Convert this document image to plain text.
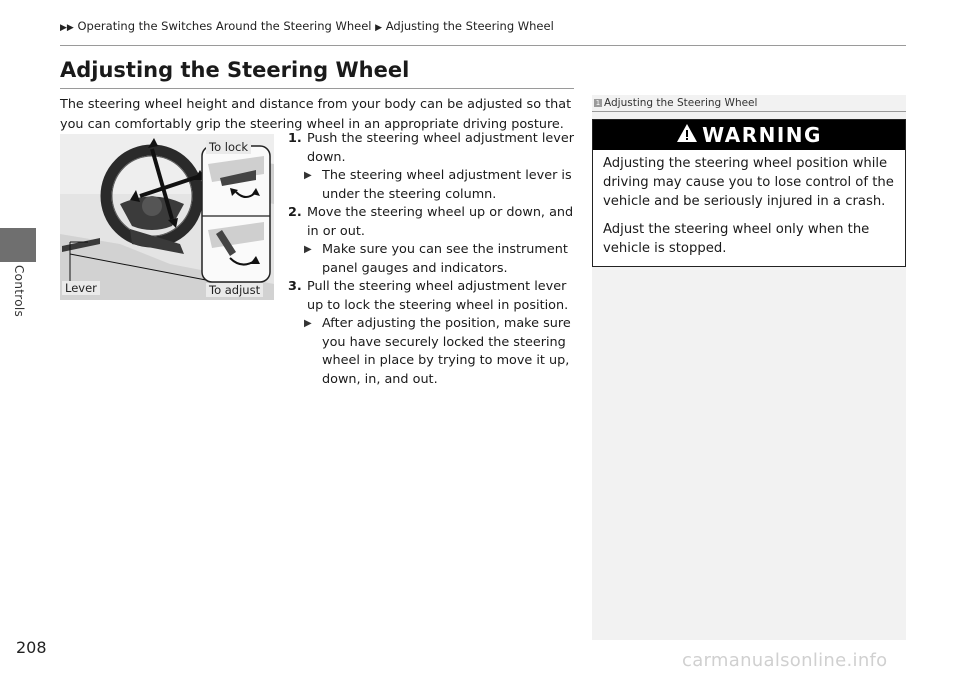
Controls
208
▶▶ Operating the Switches Around the Steering Wheel ▶ Adjusting the Steering Wheel
Adjusting the Steering Wheel

The steering wheel height and distance from your body can be adjusted so that you can comfortably grip the steering wheel in an appropriate driving posture.

To lock
To adjust
Lever
1. Push the steering wheel adjustment lever down.
▶ The steering wheel adjustment lever is under the steering column.
2. Move the steering wheel up or down, and in or out.
▶ Make sure you can see the instrument panel gauges and indicators.
3. Pull the steering wheel adjustment lever up to lock the steering wheel in position.
▶ After adjusting the position, make sure you have securely locked the steering wheel in place by trying to move it up, down, in, and out.
1 Adjusting the Steering Wheel
WARNING

Adjusting the steering wheel position while driving may cause you to lose control of the vehicle and be seriously injured in a crash.

Adjust the steering wheel only when the vehicle is stopped.

carmanualsonline.info
